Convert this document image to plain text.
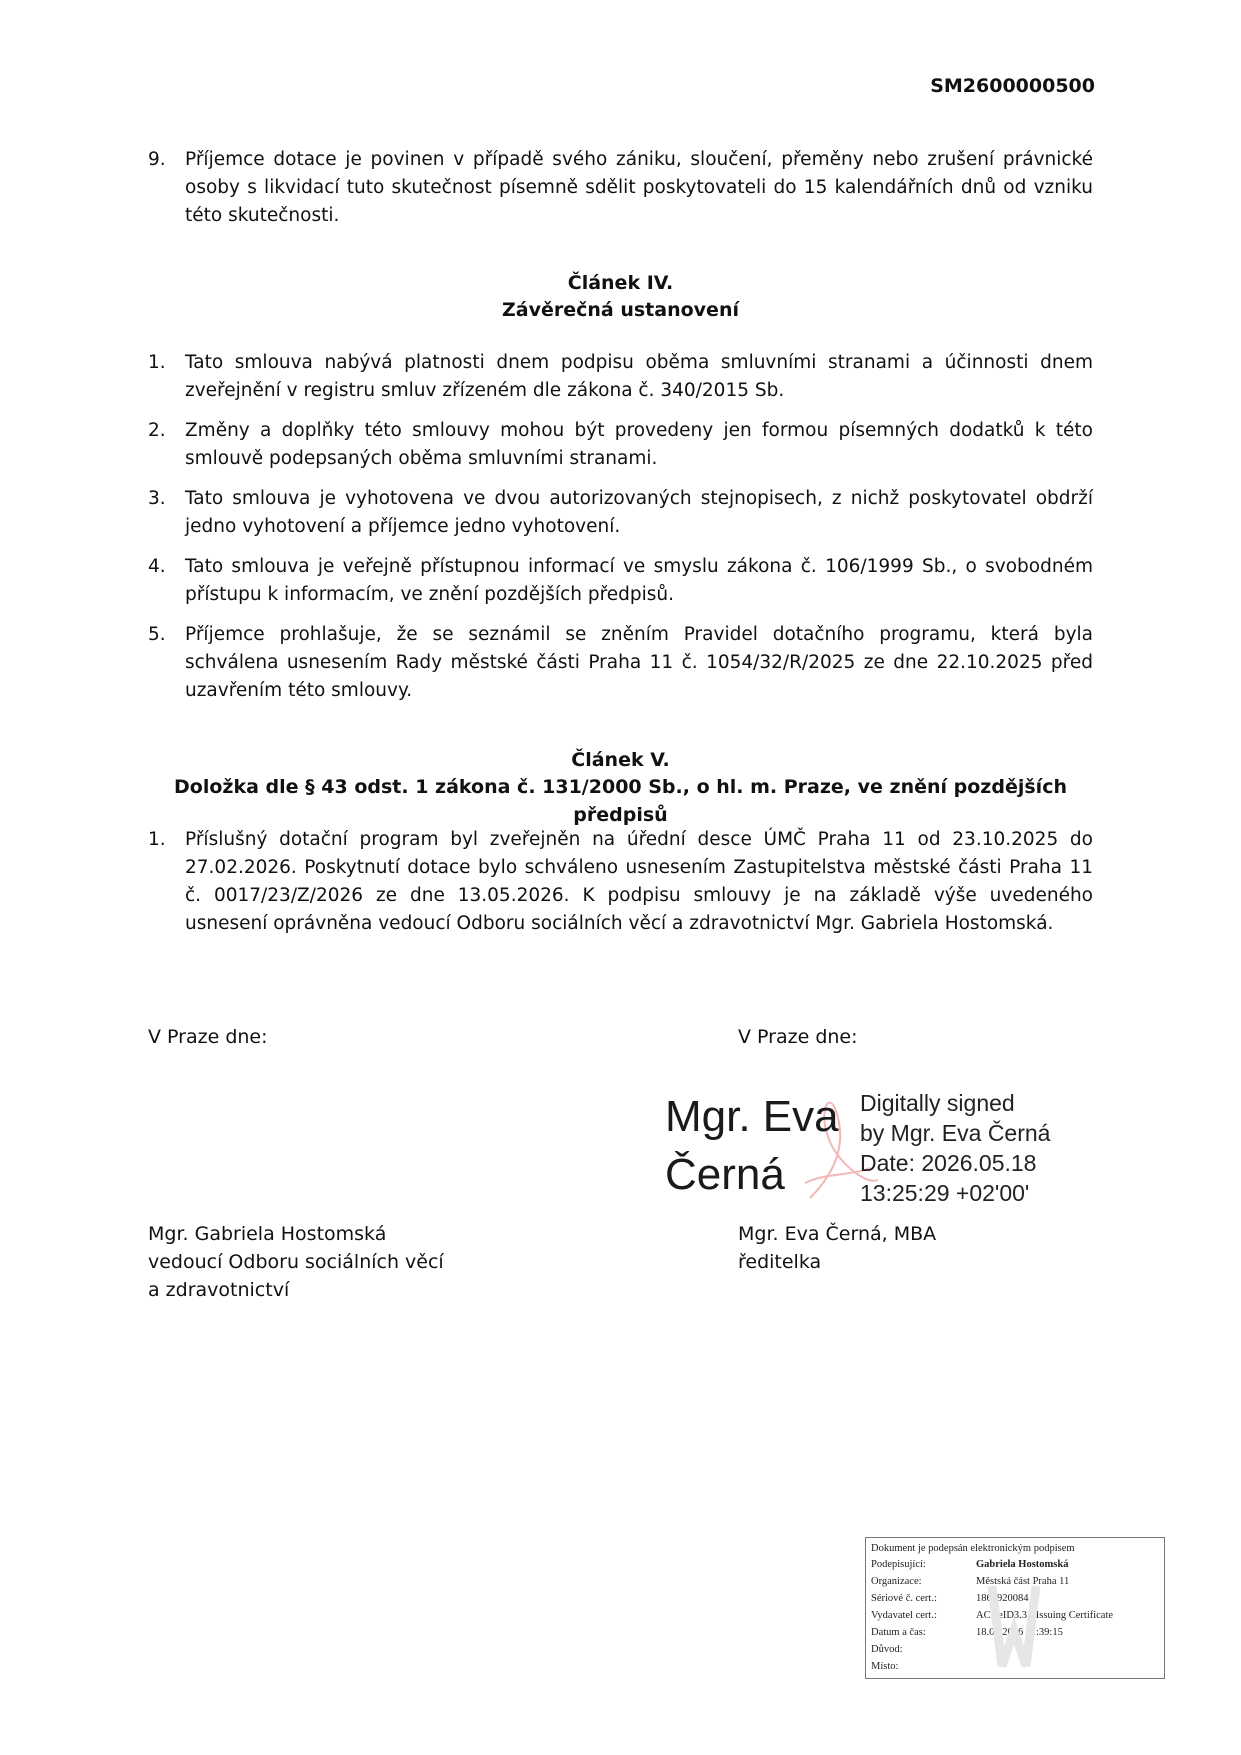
SM2600000500
9. Příjemce dotace je povinen v případě svého zániku, sloučení, přeměny nebo zrušení právnické osoby s likvidací tuto skutečnost písemně sdělit poskytovateli do 15 kalendářních dnů od vzniku této skutečnosti.
Článek IV.
Závěrečná ustanovení
1. Tato smlouva nabývá platnosti dnem podpisu oběma smluvními stranami a účinnosti dnem zveřejnění v registru smluv zřízeném dle zákona č. 340/2015 Sb.
2. Změny a doplňky této smlouvy mohou být provedeny jen formou písemných dodatků k této smlouvě podepsaných oběma smluvními stranami.
3. Tato smlouva je vyhotovena ve dvou autorizovaných stejnopisech, z nichž poskytovatel obdrží jedno vyhotovení a příjemce jedno vyhotovení.
4. Tato smlouva je veřejně přístupnou informací ve smyslu zákona č. 106/1999 Sb., o svobodném přístupu k informacím, ve znění pozdějších předpisů.
5. Příjemce prohlašuje, že se seznámil se zněním Pravidel dotačního programu, která byla schválena usnesením Rady městské části Praha 11 č. 1054/32/R/2025 ze dne 22.10.2025 před uzavřením této smlouvy.
Článek V.
Doložka dle § 43 odst. 1 zákona č. 131/2000 Sb., o hl. m. Praze, ve znění pozdějších předpisů
1. Příslušný dotační program byl zveřejněn na úřední desce ÚMČ Praha 11 od 23.10.2025 do 27.02.2026. Poskytnutí dotace bylo schváleno usnesením Zastupitelstva městské části Praha 11 č. 0017/23/Z/2026 ze dne 13.05.2026. K podpisu smlouvy je na základě výše uvedeného usnesení oprávněna vedoucí Odboru sociálních věcí a zdravotnictví Mgr. Gabriela Hostomská.
V Praze dne:	V Praze dne:
Mgr. Eva
Černá
Digitally signed
by Mgr. Eva Černá
Date: 2026.05.18
13:25:29 +02'00'
Mgr. Gabriela Hostomská
vedoucí Odboru sociálních věcí
a zdravotnictví
Mgr. Eva Černá, MBA
ředitelka
Dokument je podepsán elektronickým podpisem
Podepisující:	Gabriela Hostomská
Organizace:	Městská část Praha 11
Sériové č. cert.:	1865920084
Vydavatel cert.:	ACAeID3.3 - Issuing Certificate
Datum a čas:	18.05.2026 11:39:15
Důvod:
Místo:
